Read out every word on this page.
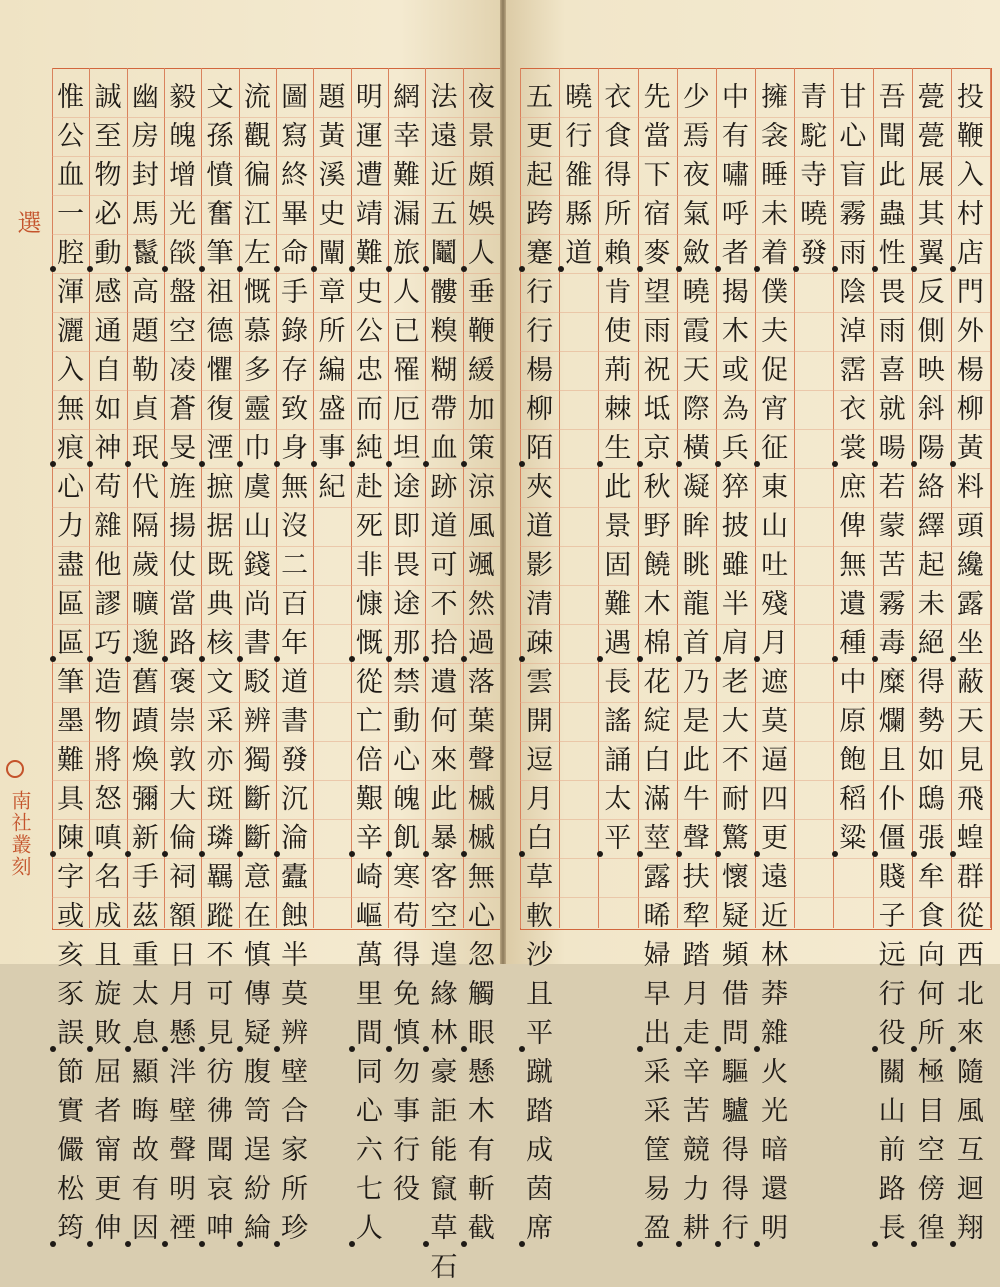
夜
景
頗
娛
人
垂
鞭
緩
加
策
涼
風
颯
然
過
落
葉
聲
槭
槭
無
心
忽
觸
眼
懸
木
有
斬
截
法
遠
近
五
鬮
髏
糗
糊
帶
血
跡
道
可
不
拾
遺
何
來
此
暴
客
空
遑
緣
林
豪
詎
能
竄
草
石
網
幸
難
漏
旅
人
已
罹
厄
坦
途
即
畏
途
那
禁
動
心
魄
飢
寒
苟
得
免
慎
勿
事
行
役
明
運
遭
靖
難
史
公
忠
而
純
赴
死
非
慷
慨
從
亡
倍
艱
辛
崎
嶇
萬
里
間
同
心
六
七
人
題
黃
溪
史
闡
章
所
編
盛
事
紀
圖
寫
終
畢
命
手
錄
存
致
身
無
沒
二
百
年
道
書
發
沉
淪
蠹
蝕
半
莫
辨
壁
合
家
所
珍
流
觀
徧
江
左
慨
慕
多
靈
巾
虞
山
錢
尚
書
駁
辨
獨
斷
斷
意
在
慎
傳
疑
腹
笥
逞
紛
綸
文
孫
憤
奮
筆
祖
德
懼
復
湮
摭
据
既
典
核
文
采
亦
斑
璘
羈
蹤
不
可
見
彷
彿
聞
哀
呻
毅
魄
增
光
燄
盤
空
凌
蒼
旻
旌
揚
仗
當
路
褒
崇
敦
大
倫
祠
額
日
月
懸
泮
壁
聲
明
禋
幽
房
封
馬
鬣
高
題
勒
貞
珉
代
隔
歲
曠
邈
舊
蹟
煥
彌
新
手
茲
重
太
息
顯
晦
故
有
因
誠
至
物
必
動
感
通
自
如
神
苟
雜
他
謬
巧
造
物
將
怒
嗔
名
成
且
旋
敗
屈
者
甯
更
伸
惟
公
血
一
腔
渾
灑
入
無
痕
心
力
盡
區
區
筆
墨
難
具
陳
字
或
亥
豕
誤
節
實
儼
松
筠
選
南社叢刻
投
鞭
入
村
店
門
外
楊
柳
黃
料
頭
纔
露
坐
蔽
天
見
飛
蝗
群
從
西
北
來
隨
風
互
迴
翔
甍
甍
展
其
翼
反
側
映
斜
陽
絡
繹
起
未
絕
得
勢
如
鴟
張
牟
食
向
何
所
極
目
空
傍
徨
吾
聞
此
蟲
性
畏
雨
喜
就
暘
若
蒙
苦
霧
毒
糜
爛
且
仆
僵
賤
子
远
行
役
關
山
前
路
長
甘
心
盲
霧
雨
陰
淖
霑
衣
裳
庶
俾
無
遺
種
中
原
飽
稻
粱
青
駝
寺
曉
發
擁
衾
睡
未
着
僕
夫
促
宵
征
東
山
吐
殘
月
遮
莫
逼
四
更
遠
近
林
莽
雜
火
光
暗
還
明
中
有
嘯
呼
者
揭
木
或
為
兵
猝
披
雖
半
肩
老
大
不
耐
驚
懷
疑
頻
借
問
驅
驢
得
得
行
少
焉
夜
氣
斂
曉
霞
天
際
橫
凝
眸
眺
龍
首
乃
是
此
牛
聲
扶
犂
踏
月
走
辛
苦
競
力
耕
先
當
下
宿
麥
望
雨
祝
坻
京
秋
野
饒
木
棉
花
綻
白
滿
莖
露
晞
婦
早
出
采
采
筐
易
盈
衣
食
得
所
賴
肯
使
荊
棘
生
此
景
固
難
遇
長
謠
誦
太
平
曉
行
雒
縣
道
五
更
起
跨
蹇
行
行
楊
柳
陌
夾
道
影
清
疎
雲
開
逗
月
白
草
軟
沙
且
平
蹴
踏
成
茵
席
